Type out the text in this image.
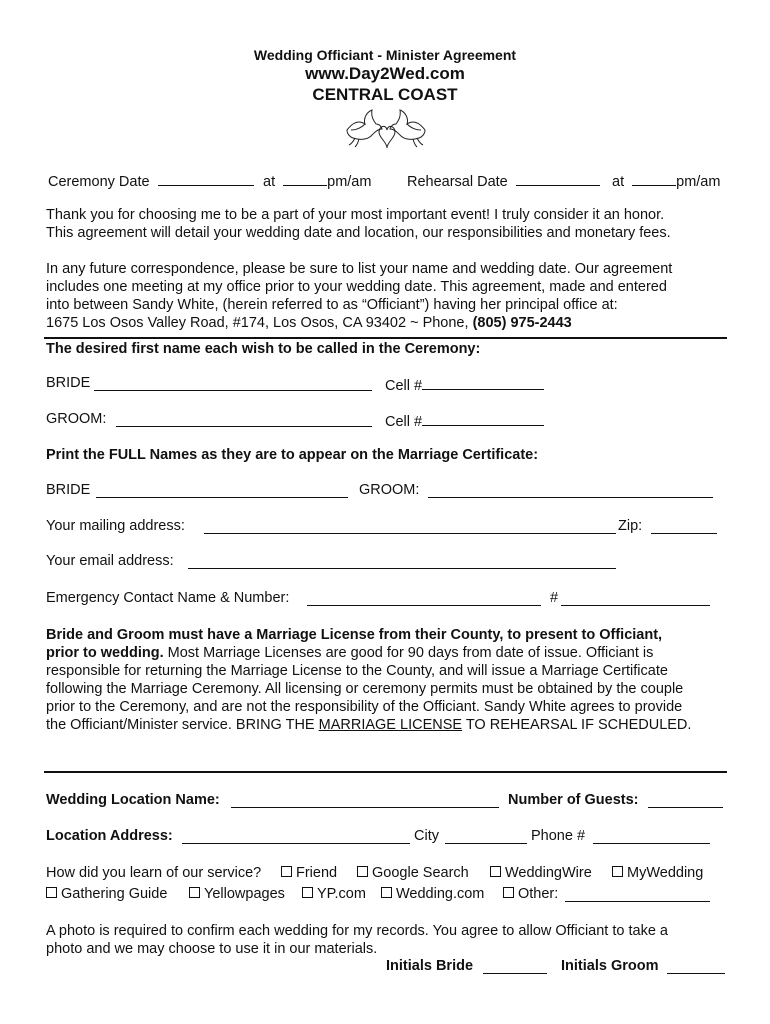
Wedding Officiant - Minister Agreement
www.Day2Wed.com
CENTRAL COAST
Ceremony Date	at	pm/am Rehearsal Date	at	pm/am
Thank you for choosing me to be a part of your most important event! I truly consider it an honor.
This agreement will detail your wedding date and location, our responsibilities and monetary fees.
In any future correspondence, please be sure to list your name and wedding date. Our agreement
includes one meeting at my office prior to your wedding date. This agreement, made and entered
into between Sandy White, (herein referred to as “Officiant”) having her principal office at:
1675 Los Osos Valley Road, #174, Los Osos, CA 93402 ~ Phone, (805) 975-2443
The desired first name each wish to be called in the Ceremony:
BRIDE	Cell #
GROOM:	Cell #
Print the FULL Names as they are to appear on the Marriage Certificate:
BRIDE	GROOM:
Your mailing address:	Zip:
Your email address:
Emergency Contact Name & Number:	#
Bride and Groom must have a Marriage License from their County, to present to Officiant,
prior to wedding. Most Marriage Licenses are good for 90 days from date of issue. Officiant is
responsible for returning the Marriage License to the County, and will issue a Marriage Certificate
following the Marriage Ceremony. All licensing or ceremony permits must be obtained by the couple
prior to the Ceremony, and are not the responsibility of the Officiant. Sandy White agrees to provide
the Officiant/Minister service. BRING THE MARRIAGE LICENSE TO REHEARSAL IF SCHEDULED.
Wedding Location Name:	Number of Guests:
Location Address:	City	Phone #
How did you learn of our service?	Friend	Google Search	WeddingWire	MyWedding
Gathering Guide	Yellowpages	YP.com	Wedding.com	Other:
A photo is required to confirm each wedding for my records. You agree to allow Officiant to take a
photo and we may choose to use it in our materials.
Initials Bride	Initials Groom
